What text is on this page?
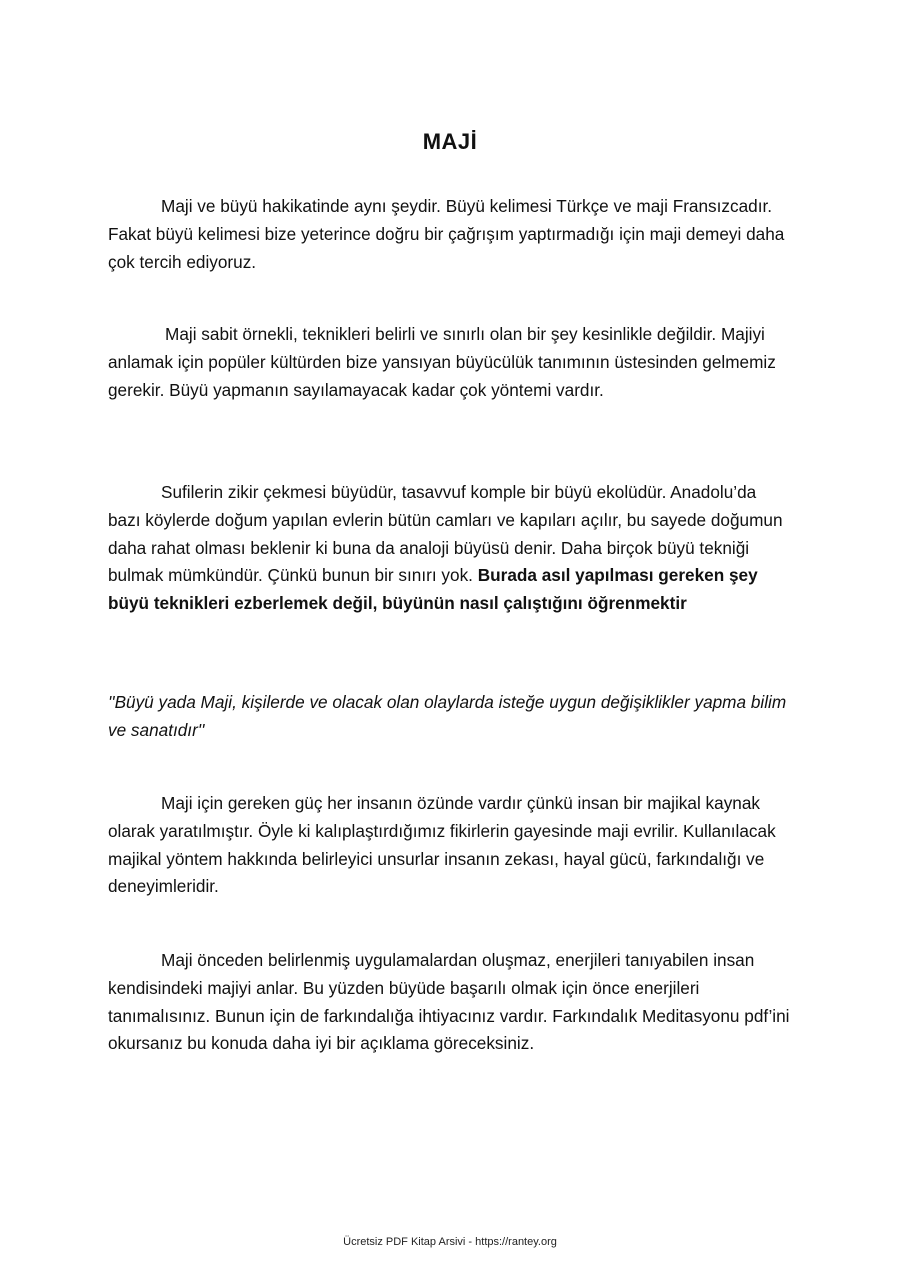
MAJİ

Maji ve büyü hakikatinde aynı şeydir. Büyü kelimesi Türkçe ve maji Fransızcadır. Fakat büyü kelimesi bize yeterince doğru bir çağrışım yaptırmadığı için maji demeyi daha çok tercih ediyoruz.

Maji sabit örnekli, teknikleri belirli ve sınırlı olan bir şey kesinlikle değildir. Majiyi anlamak için popüler kültürden bize yansıyan büyücülük tanımının üstesinden gelmemiz gerekir. Büyü yapmanın sayılamayacak kadar çok yöntemi vardır.

Sufilerin zikir çekmesi büyüdür, tasavvuf komple bir büyü ekolüdür. Anadolu’da bazı köylerde doğum yapılan evlerin bütün camları ve kapıları açılır, bu sayede doğumun daha rahat olması beklenir ki buna da analoji büyüsü denir. Daha birçok büyü tekniği bulmak mümkündür. Çünkü bunun bir sınırı yok. Burada asıl yapılması gereken şey büyü teknikleri ezberlemek değil, büyünün nasıl çalıştığını öğrenmektir

''Büyü yada Maji, kişilerde ve olacak olan olaylarda isteğe uygun değişiklikler yapma bilim ve sanatıdır''

Maji için gereken güç her insanın özünde vardır çünkü insan bir majikal kaynak olarak yaratılmıştır. Öyle ki kalıplaştırdığımız fikirlerin gayesinde maji evrilir. Kullanılacak majikal yöntem hakkında belirleyici unsurlar insanın zekası, hayal gücü, farkındalığı ve deneyimleridir.

Maji önceden belirlenmiş uygulamalardan oluşmaz, enerjileri tanıyabilen insan kendisindeki majiyi anlar. Bu yüzden büyüde başarılı olmak için önce enerjileri tanımalısınız. Bunun için de farkındalığa ihtiyacınız vardır. Farkındalık Meditasyonu pdf’ini okursanız bu konuda daha iyi bir açıklama göreceksiniz.

Ücretsiz PDF Kitap Arsivi - https://rantey.org
